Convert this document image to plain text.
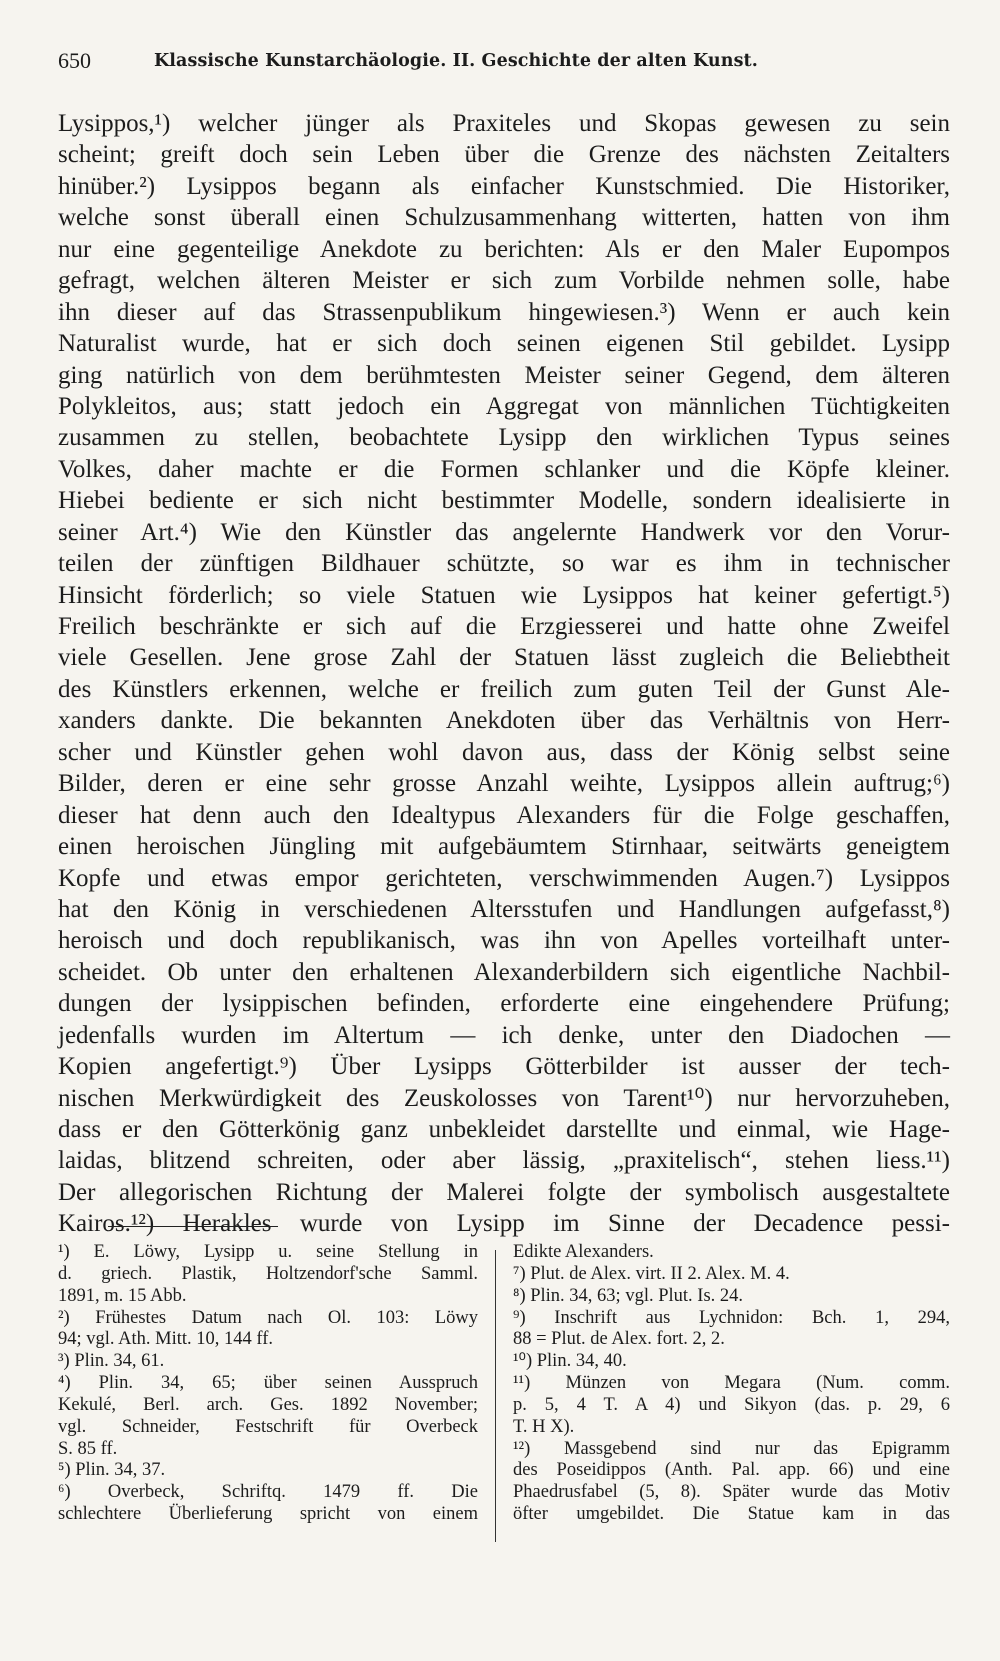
650	Klassische Kunstarchäologie. II. Geschichte der alten Kunst.
Lysippos,¹) welcher jünger als Praxiteles und Skopas gewesen zu sein
scheint; greift doch sein Leben über die Grenze des nächsten Zeitalters
hinüber.²) Lysippos begann als einfacher Kunstschmied. Die Historiker,
welche sonst überall einen Schulzusammenhang witterten, hatten von ihm
nur eine gegenteilige Anekdote zu berichten: Als er den Maler Eupompos
gefragt, welchen älteren Meister er sich zum Vorbilde nehmen solle, habe
ihn dieser auf das Strassenpublikum hingewiesen.³) Wenn er auch kein
Naturalist wurde, hat er sich doch seinen eigenen Stil gebildet. Lysipp
ging natürlich von dem berühmtesten Meister seiner Gegend, dem älteren
Polykleitos, aus; statt jedoch ein Aggregat von männlichen Tüchtigkeiten
zusammen zu stellen, beobachtete Lysipp den wirklichen Typus seines
Volkes, daher machte er die Formen schlanker und die Köpfe kleiner.
Hiebei bediente er sich nicht bestimmter Modelle, sondern idealisierte in
seiner Art.⁴) Wie den Künstler das angelernte Handwerk vor den Vorur-
teilen der zünftigen Bildhauer schützte, so war es ihm in technischer
Hinsicht förderlich; so viele Statuen wie Lysippos hat keiner gefertigt.⁵)
Freilich beschränkte er sich auf die Erzgiesserei und hatte ohne Zweifel
viele Gesellen. Jene grose Zahl der Statuen lässt zugleich die Beliebtheit
des Künstlers erkennen, welche er freilich zum guten Teil der Gunst Ale-
xanders dankte. Die bekannten Anekdoten über das Verhältnis von Herr-
scher und Künstler gehen wohl davon aus, dass der König selbst seine
Bilder, deren er eine sehr grosse Anzahl weihte, Lysippos allein auftrug;⁶)
dieser hat denn auch den Idealtypus Alexanders für die Folge geschaffen,
einen heroischen Jüngling mit aufgebäumtem Stirnhaar, seitwärts geneigtem
Kopfe und etwas empor gerichteten, verschwimmenden Augen.⁷) Lysippos
hat den König in verschiedenen Altersstufen und Handlungen aufgefasst,⁸)
heroisch und doch republikanisch, was ihn von Apelles vorteilhaft unter-
scheidet. Ob unter den erhaltenen Alexanderbildern sich eigentliche Nachbil-
dungen der lysippischen befinden, erforderte eine eingehendere Prüfung;
jedenfalls wurden im Altertum — ich denke, unter den Diadochen —
Kopien angefertigt.⁹) Über Lysipps Götterbilder ist ausser der tech-
nischen Merkwürdigkeit des Zeuskolosses von Tarent¹⁰) nur hervorzuheben,
dass er den Götterkönig ganz unbekleidet darstellte und einmal, wie Hage-
laidas, blitzend schreiten, oder aber lässig, „praxitelisch“, stehen liess.¹¹)
Der allegorischen Richtung der Malerei folgte der symbolisch ausgestaltete
Kairos.¹²) Herakles wurde von Lysipp im Sinne der Decadence pessi-
¹) E. Löwy, Lysipp u. seine Stellung in
d. griech. Plastik, Holtzendorf'sche Samml.
1891, m. 15 Abb.
²) Frühestes Datum nach Ol. 103: Löwy
94; vgl. Ath. Mitt. 10, 144 ff.
³) Plin. 34, 61.
⁴) Plin. 34, 65; über seinen Ausspruch
Kekulé, Berl. arch. Ges. 1892 November;
vgl. Schneider, Festschrift für Overbeck
S. 85 ff.
⁵) Plin. 34, 37.
⁶) Overbeck, Schriftq. 1479 ff. Die
schlechtere Überlieferung spricht von einem
Edikte Alexanders.
⁷) Plut. de Alex. virt. II 2. Alex. M. 4.
⁸) Plin. 34, 63; vgl. Plut. Is. 24.
⁹) Inschrift aus Lychnidon: Bch. 1, 294,
88 = Plut. de Alex. fort. 2, 2.
¹⁰) Plin. 34, 40.
¹¹) Münzen von Megara (Num. comm.
p. 5, 4 T. A 4) und Sikyon (das. p. 29, 6
T. H X).
¹²) Massgebend sind nur das Epigramm
des Poseidippos (Anth. Pal. app. 66) und eine
Phaedrusfabel (5, 8). Später wurde das Motiv
öfter umgebildet. Die Statue kam in das
